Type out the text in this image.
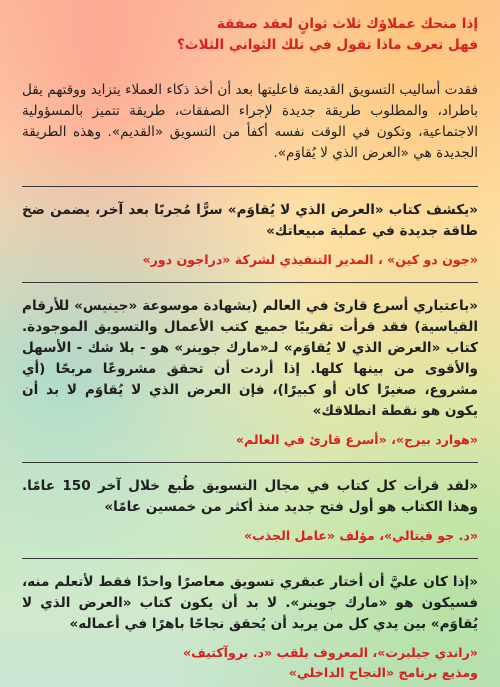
إذا منحك عملاؤك ثلاث ثوانٍ لعقد صفقة
فهل تعرف ماذا تقول في تلك الثواني الثلاث؟

فقدت أساليب التسويق القديمة فاعليتها بعد أن أخذ ذكاء العملاء يتزايد ووقتهم يقل باطراد، والمطلوب طريقة جديدة لإجراء الصفقات، طريقة تتميز بالمسؤولية الاجتماعية، وتكون في الوقت نفسه أكفأ من التسويق «القديم». وهذه الطريقة الجديدة هي «العرض الذي لا يُقاوَم».

«يكشف كتاب «العرض الذي لا يُقاوَم» سرًّا مُجربًا بعد آخر، يضمن ضخ طاقة جديدة في عملية مبيعاتك»

«جون دو كين» ، المدير التنفيذي لشركة «دراجون دور»

«باعتباري أسرع قارئ في العالم (بشهادة موسوعة «جينيس» للأرقام القياسية) فقد قرأت تقريبًا جميع كتب الأعمال والتسويق الموجودة. كتاب «العرض الذي لا يُقاوَم» لـ«مارك جوينر» هو - بلا شك - الأسهل والأقوى من بينها كلها. إذا أردت أن تحقق مشروعًا مربحًا (أي مشروع، صغيرًا كان أو كبيرًا)، فإن العرض الذي لا يُقاوَم لا بد أن يكون هو نقطة انطلاقك»

«هوارد بيرج»، «أسرع قارئ في العالم»

«لقد قرأت كل كتاب في مجال التسويق طُبع خلال آخر 150 عامًا. وهذا الكتاب هو أول فتح جديد منذ أكثر من خمسين عامًا»

«د. جو فيتالي»، مؤلف «عامل الجذب»

«إذا كان عليَّ أن أختار عبقري تسويق معاصرًا واحدًا فقط لأتعلم منه، فسيكون هو «مارك جوينر». لا بد أن يكون كتاب «العرض الذي لا يُقاوَم» بين يدي كل من يريد أن يُحقق نجاحًا باهرًا في أعماله»

«راندي جيلبرت»، المعروف بلقب «د. بروآكتيف»

ومذيع برنامج «النجاح الداخلي»
